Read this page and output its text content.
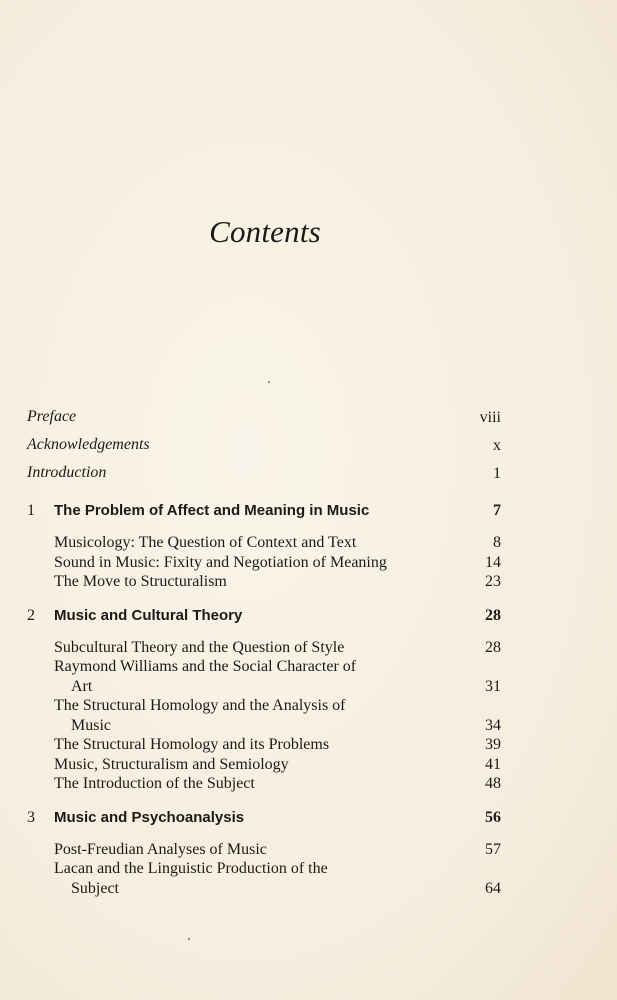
Contents
Preface	viii
Acknowledgements	x
Introduction	1
1 The Problem of Affect and Meaning in Music	7
Musicology: The Question of Context and Text	8
Sound in Music: Fixity and Negotiation of Meaning	14
The Move to Structuralism	23
2 Music and Cultural Theory	28
Subcultural Theory and the Question of Style	28
Raymond Williams and the Social Character of
Art	31
The Structural Homology and the Analysis of
Music	34
The Structural Homology and its Problems	39
Music, Structuralism and Semiology	41
The Introduction of the Subject	48
3 Music and Psychoanalysis	56
Post-Freudian Analyses of Music	57
Lacan and the Linguistic Production of the
Subject	64
